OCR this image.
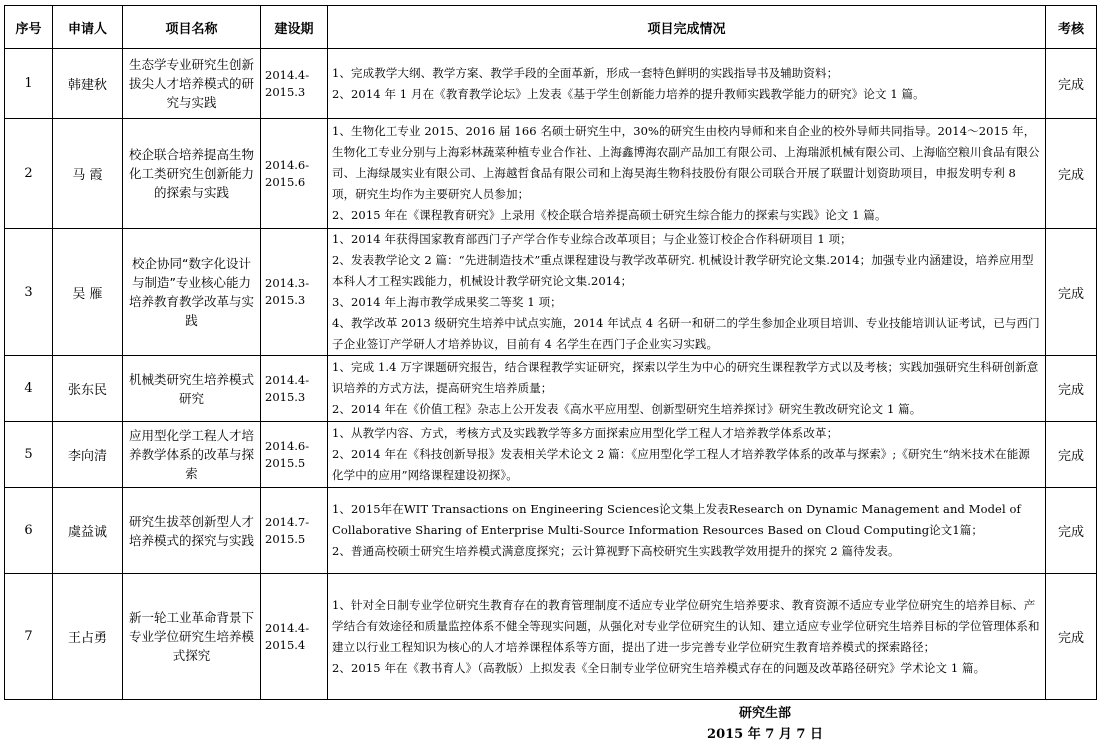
序号	申请人	项目名称	建设期	项目完成情况	考核
1	韩建秋	生态学专业研究生创新拔尖人才培养模式的研究与实践	2014.4-2015.3	1、完成教学大纲、教学方案、教学手段的全面革新，形成一套特色鲜明的实践指导书及辅助资料；
2、2014 年 1 月在《教育教学论坛》上发表《基于学生创新能力培养的提升教师实践教学能力的研究》论文 1 篇。	完成
2	马 霞	校企联合培养提高生物化工类研究生创新能力的探索与实践	2014.6-2015.6	1、生物化工专业 2015、2016 届 166 名硕士研究生中，30%的研究生由校内导师和来自企业的校外导师共同指导。2014～2015 年，生物化工专业分别与上海彩林蔬菜种植专业合作社、上海鑫博海农副产品加工有限公司、上海瑞派机械有限公司、上海临空粮川食品有限公司、上海绿晟实业有限公司、上海越哲食品有限公司和上海昊海生物科技股份有限公司联合开展了联盟计划资助项目，申报发明专利 8 项，研究生均作为主要研究人员参加；
2、2015 年在《课程教育研究》上录用《校企联合培养提高硕士研究生综合能力的探索与实践》论文 1 篇。	完成
3	吴 雁	校企协同“数字化设计与制造”专业核心能力培养教育教学改革与实践	2014.3-2015.3	1、2014 年获得国家教育部西门子产学合作专业综合改革项目；与企业签订校企合作科研项目 1 项；
2、发表教学论文 2 篇：“先进制造技术”重点课程建设与教学改革研究. 机械设计教学研究论文集.2014；加强专业内涵建设，培养应用型本科人才工程实践能力，机械设计教学研究论文集.2014；
3、2014 年上海市教学成果奖二等奖 1 项；
4、教学改革 2013 级研究生培养中试点实施，2014 年试点 4 名研一和研二的学生参加企业项目培训、专业技能培训认证考试，已与西门子企业签订产学研人才培养协议，目前有 4 名学生在西门子企业实习实践。	完成
4	张东民	机械类研究生培养模式研究	2014.4-2015.3	1、完成 1.4 万字课题研究报告，结合课程教学实证研究，探索以学生为中心的研究生课程教学方式以及考核；实践加强研究生科研创新意识培养的方式方法，提高研究生培养质量；
2、2014 年在《价值工程》杂志上公开发表《高水平应用型、创新型研究生培养探讨》研究生教改研究论文 1 篇。	完成
5	李向清	应用型化学工程人才培养教学体系的改革与探索	2014.6-2015.5	1、从教学内容、方式，考核方式及实践教学等多方面探索应用型化学工程人才培养教学体系改革；
2、2014 年在《科技创新导报》发表相关学术论文 2 篇：《应用型化学工程人才培养教学体系的改革与探索》;《研究生“纳米技术在能源化学中的应用”网络课程建设初探》。	完成
6	虞益诚	研究生拔萃创新型人才培养模式的探究与实践	2014.7-2015.5	1、2015年在WIT Transactions on Engineering Sciences论文集上发表Research on Dynamic Management and Model of Collaborative Sharing of Enterprise Multi-Source Information Resources Based on Cloud Computing论文1篇；
2、普通高校硕士研究生培养模式满意度探究；云计算视野下高校研究生实践教学效用提升的探究 2 篇待发表。	完成
7	王占勇	新一轮工业革命背景下专业学位研究生培养模式探究	2014.4-2015.4	1、针对全日制专业学位研究生教育存在的教育管理制度不适应专业学位研究生培养要求、教育资源不适应专业学位研究生的培养目标、产学结合有效途径和质量监控体系不健全等现实问题，从强化对专业学位研究生的认知、建立适应专业学位研究生培养目标的学位管理体系和建立以行业工程知识为核心的人才培养课程体系等方面，提出了进一步完善专业学位研究生教育培养模式的探索路径；
2、2015 年在《教书育人》（高教版）上拟发表《全日制专业学位研究生培养模式存在的问题及改革路径研究》学术论文 1 篇。	完成
研究生部
2015 年 7 月 7 日
